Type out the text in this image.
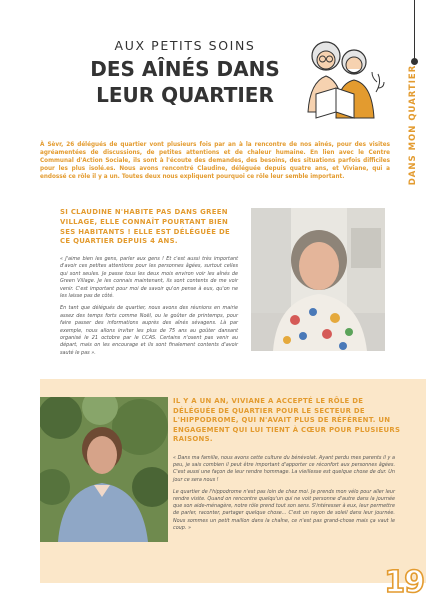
AUX PETITS SOINS
DES AÎNÉS DANS
LEUR QUARTIER	DANS MON QUARTIER

À Sèvr, 26 délégués de quartier vont plusieurs fois par an à la rencontre de nos aînés, pour des visites agréamentées de discussions, de petites attentions et de chaleur humaine. En lien avec le Centre Communal d'Action Sociale, ils sont à l'écoute des demandes, des besoins, des situations parfois difficiles pour les plus isolé.es. Nous avons rencontré Claudine, déléguée depuis quatre ans, et Viviane, qui a endossé ce rôle il y a un. Toutes deux nous expliquent pourquoi ce rôle leur semble important.

SI CLAUDINE N'HABITE PAS DANS GREEN VILLAGE, ELLE CONNAÎT POURTANT BIEN SES HABITANTS ! ELLE EST DÉLÉGUÉE DE CE QUARTIER DEPUIS 4 ANS.

« J'aime bien les gens, parler aux gens ! Et c'est aussi très important d'avoir ces petites attentions pour les personnes âgées, surtout celles qui sont seules. Je passe tous les deux mois environ voir les aînés de Green Village. Je les connais maintenant, ils sont contents de me voir venir. C'est important pour moi de savoir qu'on pense à eux, qu'on ne les laisse pas de côté.

En tant que délégués de quartier, nous avons des réunions en mairie assez des temps forts comme Noël, ou le goûter de printemps, pour faire passer des informations auprès des aînés sévagens. Là par exemple, nous allons inviter les plus de 75 ans au goûter dansant organisé le 21 octobre par le CCAS. Certains n'osent pas venir au départ, mais on les encourage et ils sont finalement contents d'avoir sauté le pas ».

IL Y A UN AN, VIVIANE A ACCEPTÉ LE RÔLE DE DÉLÉGUÉE DE QUARTIER POUR LE SECTEUR DE L'HIPPODROME, QUI N'AVAIT PLUS DE RÉFÉRENT. UN ENGAGEMENT QUI LUI TIENT À CŒUR POUR PLUSIEURS RAISONS.

« Dans ma famille, nous avons cette culture du bénévolat. Ayant perdu mes parents il y a peu, je sais combien il peut être important d'apporter ce réconfort aux personnes âgées. C'est aussi une façon de leur rendre hommage. La vieillesse est quelque chose de dur. Un jour ce sera nous !

Le quartier de l'hippodrome n'est pas loin de chez moi. Je prends mon vélo pour aller leur rendre visite. Quand on rencontre quelqu'un qui ne voit personne d'autre dans la journée que son aide-ménagère, notre rôle prend tout son sens. S'intéresser à eux, leur permettre de parler, raconter, partager quelque chose... C'est un rayon de soleil dans leur journée. Nous sommes un petit maillon dans la chaîne, ce n'est pas grand-chose mais ça vaut le coup. »

19
